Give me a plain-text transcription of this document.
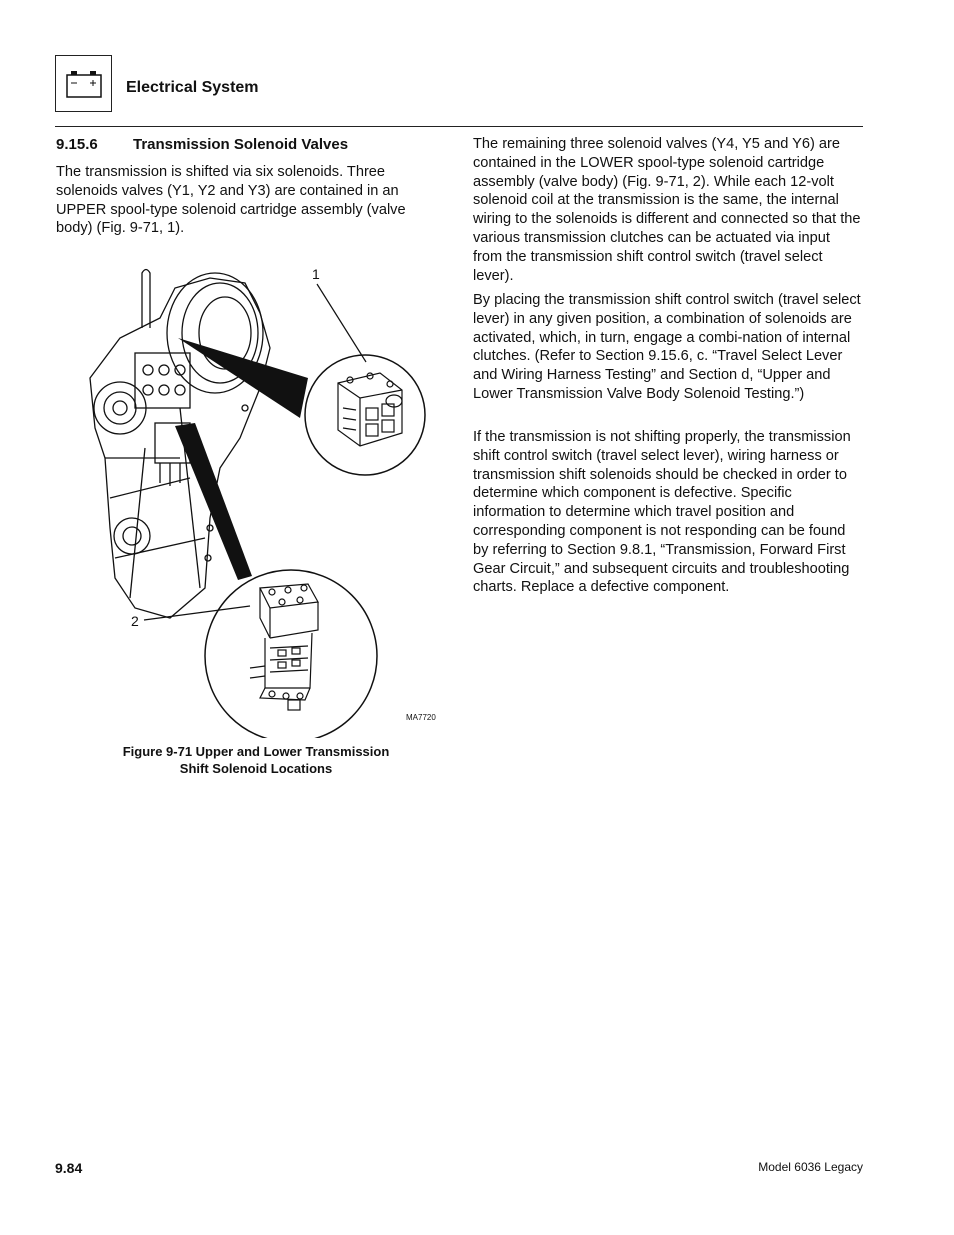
Electrical System
9.15.6 Transmission Solenoid Valves

The transmission is shifted via six solenoids. Three solenoids valves (Y1, Y2 and Y3) are contained in an UPPER spool-type solenoid cartridge assembly (valve body) (Fig. 9-71, 1).

The remaining three solenoid valves (Y4, Y5 and Y6) are contained in the LOWER spool-type solenoid cartridge assembly (valve body) (Fig. 9-71, 2). While each 12-volt solenoid coil at the transmission is the same, the internal wiring to the solenoids is different and connected so that the various transmission clutches can be actuated via input from the transmission shift control switch (travel select lever).

By placing the transmission shift control switch (travel select lever) in any given position, a combination of solenoids are activated, which, in turn, engage a combi-nation of internal clutches. (Refer to Section 9.15.6, c. “Travel Select Lever and Wiring Harness Testing” and Section d, “Upper and Lower Transmission Valve Body Solenoid Testing.”)

If the transmission is not shifting properly, the transmission shift control switch (travel select lever), wiring harness or transmission shift solenoids should be checked in order to determine which component is defective. Specific information to determine which travel position and corresponding component is not responding can be found by referring to Section 9.8.1, “Transmission, Forward First Gear Circuit,” and subsequent circuits and troubleshooting charts. Replace a defective component.

1
2
MA7720
Figure 9-71 Upper and Lower Transmission
Shift Solenoid Locations
9.84	Model 6036 Legacy
